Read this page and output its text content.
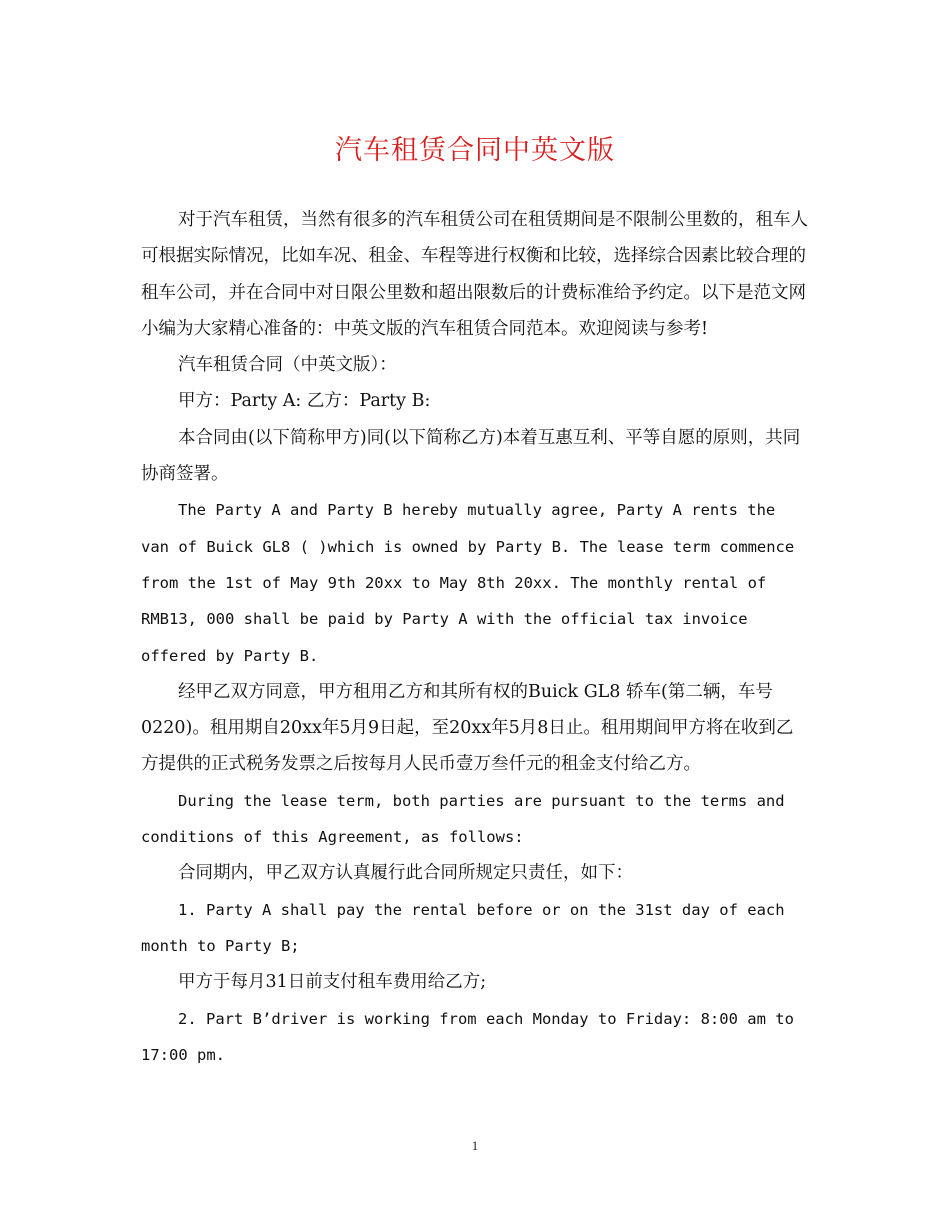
汽车租赁合同中英文版

对于汽车租赁，当然有很多的汽车租赁公司在租赁期间是不限制公里数的，租车人可根据实际情况，比如车况、租金、车程等进行权衡和比较，选择综合因素比较合理的租车公司，并在合同中对日限公里数和超出限数后的计费标准给予约定。以下是范文网小编为大家精心准备的：中英文版的汽车租赁合同范本。欢迎阅读与参考!

汽车租赁合同（中英文版）：

甲方：Party A: 乙方：Party B:

本合同由(以下简称甲方)同(以下简称乙方)本着互惠互利、平等自愿的原则，共同协商签署。

The Party A and Party B hereby mutually agree, Party A rents the van of Buick GL8 ( )which is owned by Party B. The lease term commence from the 1st of May 9th 20xx to May 8th 20xx. The monthly rental of RMB13, 000 shall be paid by Party A with the official tax invoice offered by Party B.

经甲乙双方同意，甲方租用乙方和其所有权的Buick GL8 轿车(第二辆，车号0220)。租用期自20xx年5月9日起，至20xx年5月8日止。租用期间甲方将在收到乙方提供的正式税务发票之后按每月人民币壹万叁仟元的租金支付给乙方。

During the lease term, both parties are pursuant to the terms and conditions of this Agreement, as follows:

合同期内，甲乙双方认真履行此合同所规定只责任，如下：

1. Party A shall pay the rental before or on the 31st day of each month to Party B;

甲方于每月31日前支付租车费用给乙方;

2. Part B’driver is working from each Monday to Friday: 8:00 am to 17:00 pm.

1
